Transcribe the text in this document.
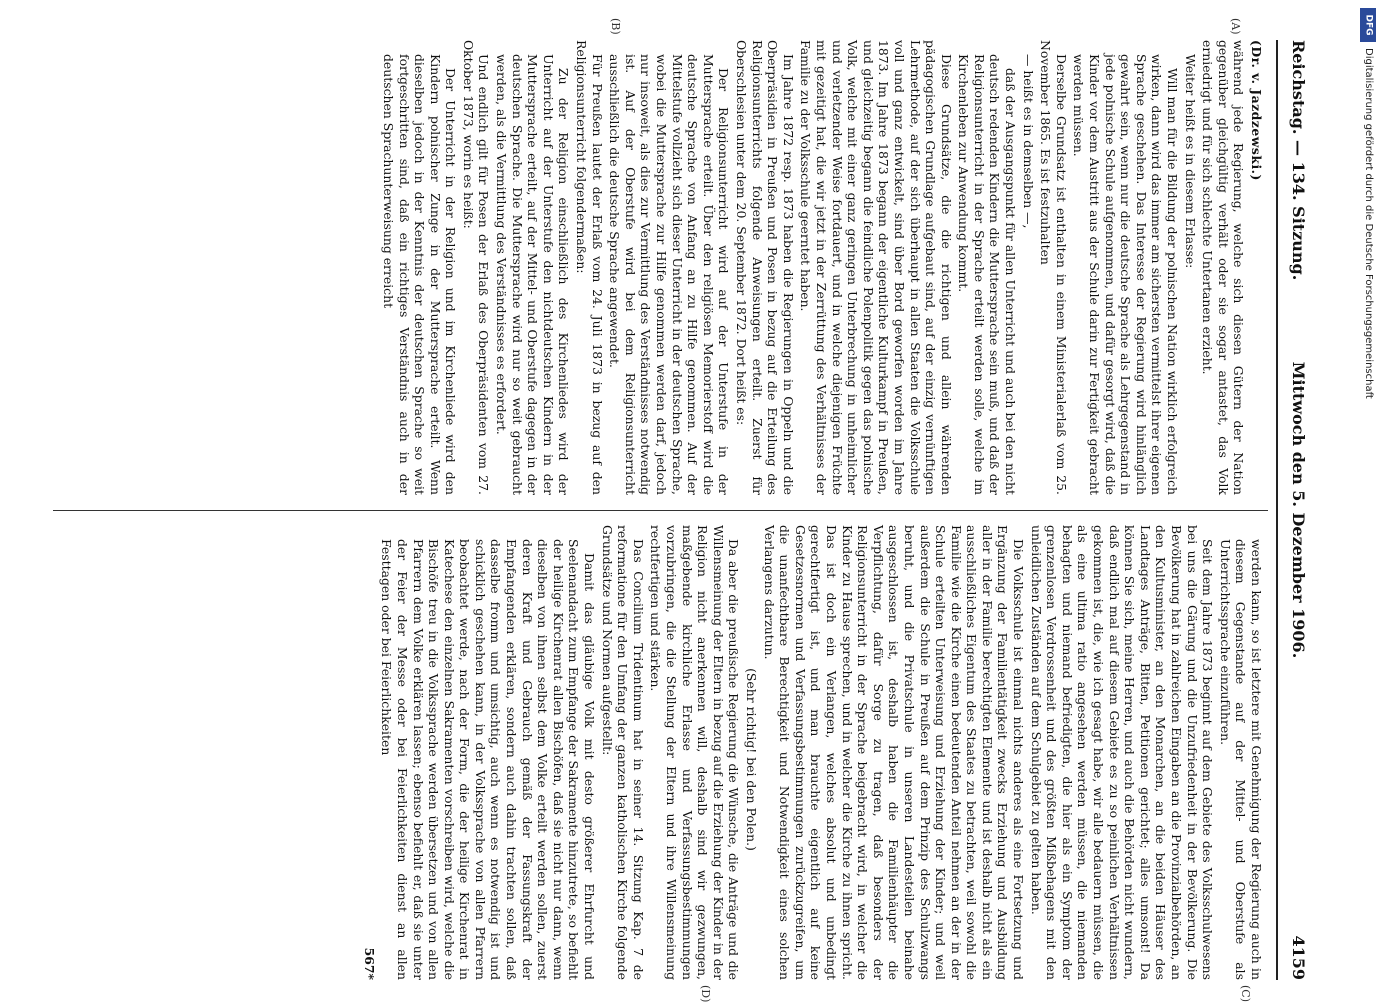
Reichstag. — 134. Sitzung.
Mittwoch den 5. Dezember 1906.
4159
(A)
(B)
(C)
(D)

(Dr. v. Jazdzewski.)

während jede Regierung, welche sich diesen Gütern der Nation gegenüber gleichgültig verhält oder sie sogar antastet, das Volk erniedrigt und für sich schlechte Untertanen erzieht.

Weiter heißt es in diesem Erlasse:

Will man für die Bildung der polnischen Nation wirklich erfolgreich wirken, dann wird das immer am sichersten vermittelst ihrer eigenen Sprache geschehen. Das Interesse der Regierung wird hinlänglich gewahrt sein, wenn nur die deutsche Sprache als Lehrgegenstand in jede polnische Schule aufgenommen, und dafür gesorgt wird, daß die Kinder vor dem Austritt aus der Schule darin zur Fertigkeit gebracht werden müssen.

Derselbe Grundsatz ist enthalten in einem Ministerialerlaß vom 25. November 1865. Es ist festzuhalten

— heißt es in demselben —,

daß der Ausgangspunkt für allen Unterricht und auch bei den nicht deutsch redenden Kindern die Muttersprache sein muß, und daß der Religionsunterricht in der Sprache erteilt werden solle, welche im Kirchenleben zur Anwendung kommt.

Diese Grundsätze, die die richtigen und allein währenden pädagogischen Grundlage aufgebaut sind, auf der einzig vernünftigen Lehrmethode, auf der sich überhaupt in allen Staaten die Volksschule voll und ganz entwickelt, sind über Bord geworfen worden im Jahre 1873. Im Jahre 1873 begann der eigentliche Kulturkampf in Preußen, und gleichzeitig begann die feindliche Polenpolitik gegen das polnische Volk, welche mit einer ganz geringen Unterbrechung in unheimlicher und verletzender Weise fortdauert, und in welche diejenigen Früchte mit gezeitigt hat, die wir jetzt in der Zerrüttung des Verhältnisses der Familie zu der Volksschule geerntet haben.

Im Jahre 1872 resp. 1873 haben die Regierungen in Oppeln und die Oberpräsidien in Preußen und Posen in bezug auf die Erteilung des Religionsunterrichts folgende Anweisungen erteilt. Zuerst für Oberschlesien unter dem 20. September 1872. Dort heißt es:

Der Religionsunterricht wird auf der Unterstufe in der Muttersprache erteilt. Über den religiösen Memorierstoff wird die deutsche Sprache von Anfang an zu Hilfe genommen. Auf der Mittelstufe vollzieht sich dieser Unterricht in der deutschen Sprache, wobei die Muttersprache zur Hilfe genommen werden darf, jedoch nur insoweit, als dies zur Vermittlung des Verständnisses notwendig ist. Auf der Oberstufe wird bei dem Religionsunterricht ausschließlich die deutsche Sprache angewendet.

Für Preußen lautet der Erlaß vom 24. Juli 1873 in bezug auf den Religionsunterricht folgendermaßen:

Zu der Religion einschließlich des Kirchenliedes wird der Unterricht auf der Unterstufe den nichtdeutschen Kindern in der Muttersprache erteilt, auf der Mittel- und Oberstufe dagegen in der deutschen Sprache. Die Muttersprache wird nur so weit gebraucht werden, als die Vermittlung des Verständnisses es erfordert.

Und endlich gilt für Posen der Erlaß des Oberpräsidenten vom 27. Oktober 1873, worin es heißt:

Der Unterricht in der Religion und im Kirchenliede wird den Kindern polnischer Zunge in der Muttersprache erteilt. Wenn dieselben jedoch in der Kenntnis der deutschen Sprache so weit fortgeschritten sind, daß ein richtiges Verständnis auch in der deutschen Sprachunterweisung erreicht

werden kann, so ist letztere mit Genehmigung der Regierung auch in diesem Gegenstande auf der Mittel- und Oberstufe als Unterrichtssprache einzuführen.

Seit dem Jahre 1873 beginnt auf dem Gebiete des Volksschulwesens bei uns die Gärung und die Unzufriedenheit in der Bevölkerung. Die Bevölkerung hat in zahlreichen Eingaben an die Provinzialbehörden, an den Kultusminister, an den Monarchen, an die beiden Häuser des Landtages Anträge, Bitten, Petitionen gerichtet; alles umsonst! Da können Sie sich, meine Herren, und auch die Behörden nicht wundern, daß endlich mal auf diesem Gebiete es zu so peinlichen Verhältnissen gekommen ist, die, wie ich gesagt habe, wir alle bedauern müssen, die als eine ultima ratio angesehen werden müssen, die niemanden behagten und niemand befriedigten, die hier als ein Symptom der grenzenlosen Verdrossenheit und des größten Mißbehagens mit den unleidlichen Zuständen auf dem Schulgebiet zu gelten haben.

Die Volksschule ist einmal nichts anderes als eine Fortsetzung und Ergänzung der Familientätigkeit zwecks Erziehung und Ausbildung aller in der Familie berechtigten Elemente und ist deshalb nicht als ein ausschließliches Eigentum des Staates zu betrachten, weil sowohl die Familie wie die Kirche einen bedeutenden Anteil nehmen an der in der Schule erteilten Unterweisung und Erziehung der Kinder; und weil außerdem die Schule in Preußen auf dem Prinzip des Schulzwangs beruht, und die Privatschule in unseren Landesteilen beinahe ausgeschlossen ist, deshalb haben die Familienhäupter die Verpflichtung, dafür Sorge zu tragen, daß besonders der Religionsunterricht in der Sprache beigebracht wird, in welcher die Kinder zu Hause sprechen, und in welcher die Kirche zu ihnen spricht. Das ist doch ein Verlangen, welches absolut und unbedingt gerechtfertigt ist, und man brauchte eigentlich auf keine Gesetzesnormen und Verfassungsbestimmungen zurückzugreifen, um die unanfechtbare Berechtigkeit und Notwendigkeit eines solchen Verlangens darzutun.

(Sehr richtig! bei den Polen.)

Da aber die preußische Regierung die Wünsche, die Anträge und die Willensmeinung der Eltern in bezug auf die Erziehung der Kinder in der Religion nicht anerkennen will, deshalb sind wir gezwungen, maßgebende kirchliche Erlasse und Verfassungsbestimmungen vorzubringen, die die Stellung der Eltern und ihre Willensmeinung rechtfertigen und stärken.

Das Concilium Tridentinum hat in seiner 14. Sitzung Kap. 7 de reformatione für den Umfang der ganzen katholischen Kirche folgende Grundsätze und Normen aufgestellt:

Damit das gläubige Volk mit desto größerer Ehrfurcht und Seelenandacht zum Empfange der Sakramente hinzutrete, so befiehlt der heilige Kirchenrat allen Bischöfen, daß sie nicht nur dann, wenn dieselben von ihnen selbst dem Volke erteilt werden sollen, zuerst deren Kraft und Gebrauch gemäß der Fassungskraft der Empfangenden erklären, sondern auch dahin trachten sollen, daß dasselbe fromm und umsichtig, auch wenn es notwendig ist und schicklich geschehen kann, in der Volkssprache von allen Pfarrern beobachtet werde, nach der Form, die der heilige Kirchenrat in Katechese den einzelnen Sakramenten vorschreiben wird, welche die Bischöfe treu in die Volkssprache werden übersetzen und von allen Pfarrern dem Volke erklären lassen; ebenso befiehlt er, daß sie unter der Feier der Messe oder bei Feierlichkeiten dienst an allen Festtagen oder bei Feierlichkeiten

567*

DFG
Digitalisierung gefördert durch die Deutsche Forschungsgemeinschaft
